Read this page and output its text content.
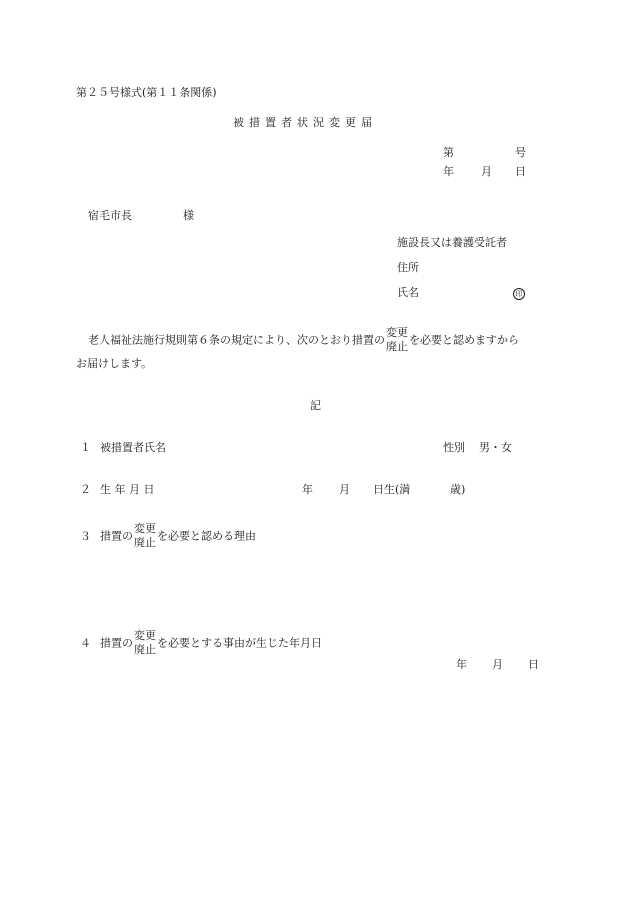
第２５号様式(第１１条関係)
被措置者状況変更届
第	号
年 月 日
宿毛市長	様
施設長又は養護受託者
住所
氏名	印
老人福祉法施行規則第６条の規定により、次のとおり措置の
変更
廃止 を必要と認めますから
お届けします。
記
１ 被措置者氏名	性別 男・女
２ 生 年 月 日	年 月 日生(満	歳)
３ 措置の
変更
廃止 を必要と認める理由
４ 措置の
変更
廃止 を必要とする事由が生じた年月日
年 月 日
